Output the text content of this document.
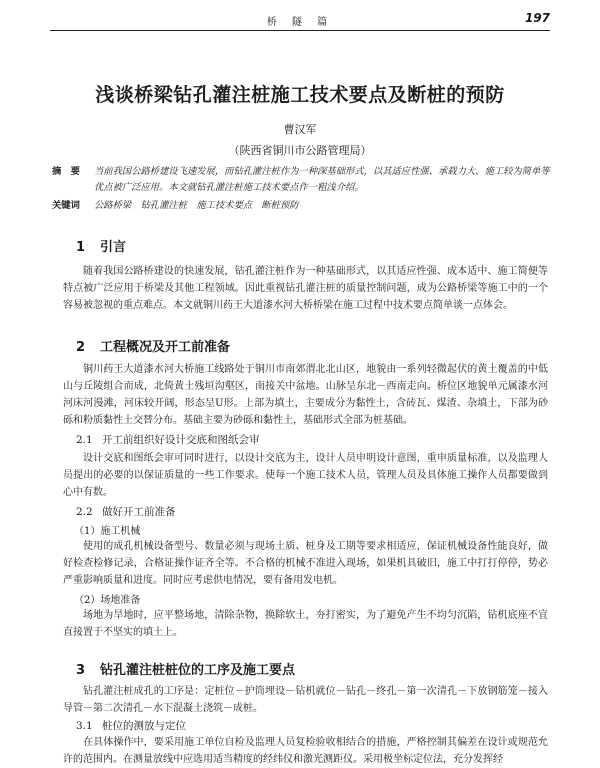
桥 隧 篇	197
浅谈桥梁钻孔灌注桩施工技术要点及断桩的预防
曹汉军
（陕西省铜川市公路管理局）
摘　要 当前我国公路桥建设飞速发展，而钻孔灌注桩作为一种深基础形式，以其适应性强、承载力大、施工较为简单等优点被广泛应用。本文就钻孔灌注桩施工技术要点作一粗浅介绍。
关键词 公路桥梁　钻孔灌注桩　施工技术要点　断桩预防
1 引言

随着我国公路桥建设的快速发展，钻孔灌注桩作为一种基础形式，以其适应性强、成本适中、施工简便等特点被广泛应用于桥梁及其他工程领域。因此重视钻孔灌注桩的质量控制问题，成为公路桥梁等施工中的一个容易被忽视的重点难点。本文就铜川药王大道漆水河大桥桥梁在施工过程中技术要点简单谈一点体会。

2 工程概况及开工前准备

铜川药王大道漆水河大桥施工线路处于铜川市南郊渭北北山区，地貌由一系列轻微起伏的黄土覆盖的中低山与丘陵组合而成，北倚黄土残垣沟壑区，南接关中盆地。山脉呈东北－西南走向。桥位区地貌单元属漆水河河床河漫滩，河床较开阔，形态呈U形。上部为填土，主要成分为黏性土，含砖瓦、煤渣、杂填土，下部为砂砾和粉质黏性土交替分布。基础主要为砂砾和黏性土，基础形式全部为桩基础。

2.1 开工前组织好设计交底和图纸会审

设计交底和图纸会审可同时进行，以设计交底为主，设计人员申明设计意图，重申质量标准，以及监理人员提出的必要的以保证质量的一些工作要求。使每一个施工技术人员，管理人员及具体施工操作人员都要做到心中有数。

2.2 做好开工前准备
（1）施工机械

使用的成孔机械设备型号、数量必须与现场土质、桩身及工期等要求相适应，保证机械设备性能良好，做好检查检修记录，合格证操作证齐全等。不合格的机械不准进入现场，如果机具破旧，施工中打打停停，势必严重影响质量和进度。同时应考虑供电情况，要有备用发电机。

（2）场地准备

场地为旱地时，应平整场地，清除杂物，换除软土，夯打密实，为了避免产生不均匀沉陷，钻机底座不宜直接置于不坚实的填土上。

3 钻孔灌注桩桩位的工序及施工要点

钻孔灌注桩成孔的工序是：定桩位－护筒埋设－钻机就位－钻孔－终孔－第一次清孔－下放钢筋笼－接入导管－第二次清孔－水下混凝土浇筑－成桩。

3.1 桩位的测放与定位

在具体操作中，要采用施工单位自检及监理人员复检验收相结合的措施，严格控制其偏差在设计或规范允许的范围内。在测量放线中应选用适当精度的经纬仪和激光测距仪。采用极坐标定位法，充分发挥经
